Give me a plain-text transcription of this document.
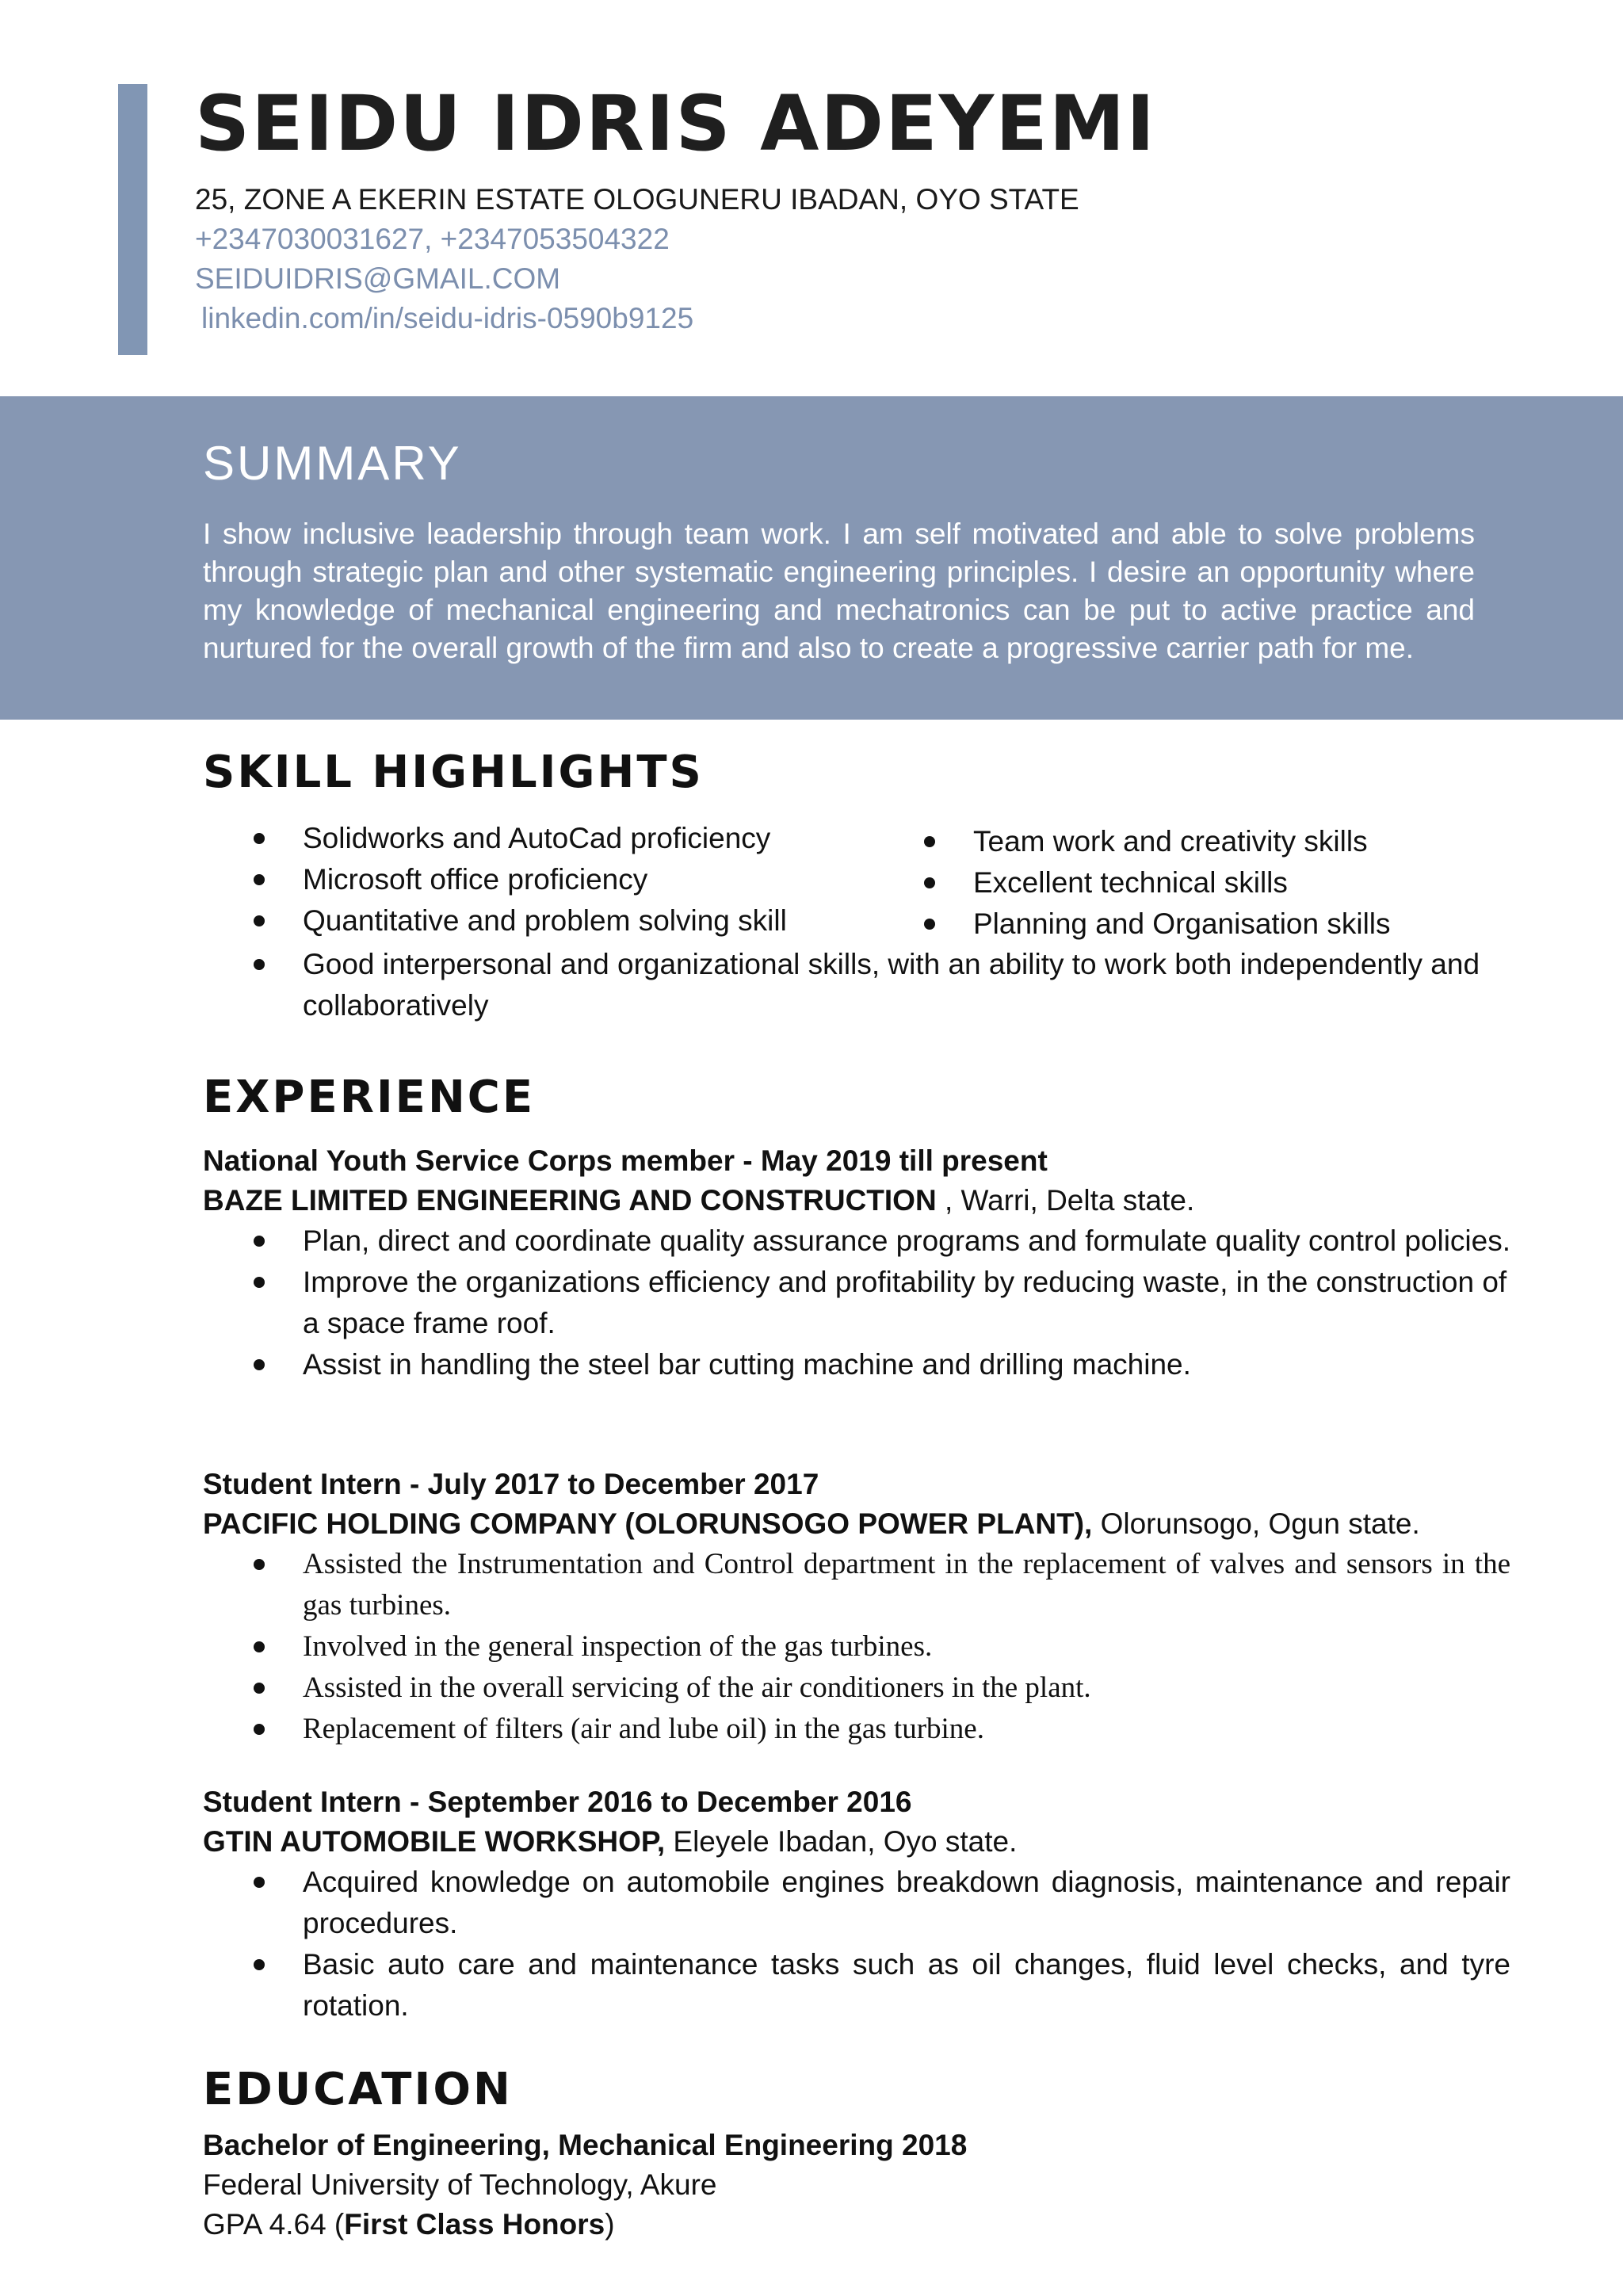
SEIDU IDRIS ADEYEMI
25, ZONE A EKERIN ESTATE OLOGUNERU IBADAN, OYO STATE
+2347030031627, +2347053504322
SEIDUIDRIS@GMAIL.COM
linkedin.com/in/seidu-idris-0590b9125
SUMMARY

I show inclusive leadership through team work. I am self motivated and able to solve problems through strategic plan and other systematic engineering principles. I desire an opportunity where my knowledge of mechanical engineering and mechatronics can be put to active practice and nurtured for the overall growth of the firm and also to create a progressive carrier path for me.

SKILL HIGHLIGHTS
Solidworks and AutoCad proficiency
Microsoft office proficiency
Quantitative and problem solving skill
Team work and creativity skills
Excellent technical skills
Planning and Organisation skills
Good interpersonal and organizational skills, with an ability to work both independently and collaboratively
EXPERIENCE
National Youth Service Corps member - May 2019 till present
BAZE LIMITED ENGINEERING AND CONSTRUCTION , Warri, Delta state.
Plan, direct and coordinate quality assurance programs and formulate quality control policies.
Improve the organizations efficiency and profitability by reducing waste, in the construction of a space frame roof.
Assist in handling the steel bar cutting machine and drilling machine.
Student Intern - July 2017 to December 2017
PACIFIC HOLDING COMPANY (OLORUNSOGO POWER PLANT), Olorunsogo, Ogun state.
Assisted the Instrumentation and Control department in the replacement of valves and sensors in the gas turbines.
Involved in the general inspection of the gas turbines.
Assisted in the overall servicing of the air conditioners in the plant.
Replacement of filters (air and lube oil) in the gas turbine.
Student Intern - September 2016 to December 2016
GTIN AUTOMOBILE WORKSHOP, Eleyele Ibadan, Oyo state.
Acquired knowledge on automobile engines breakdown diagnosis, maintenance and repair procedures.
Basic auto care and maintenance tasks such as oil changes, fluid level checks, and tyre rotation.
EDUCATION
Bachelor of Engineering, Mechanical Engineering 2018
Federal University of Technology, Akure
GPA 4.64 (First Class Honors)
